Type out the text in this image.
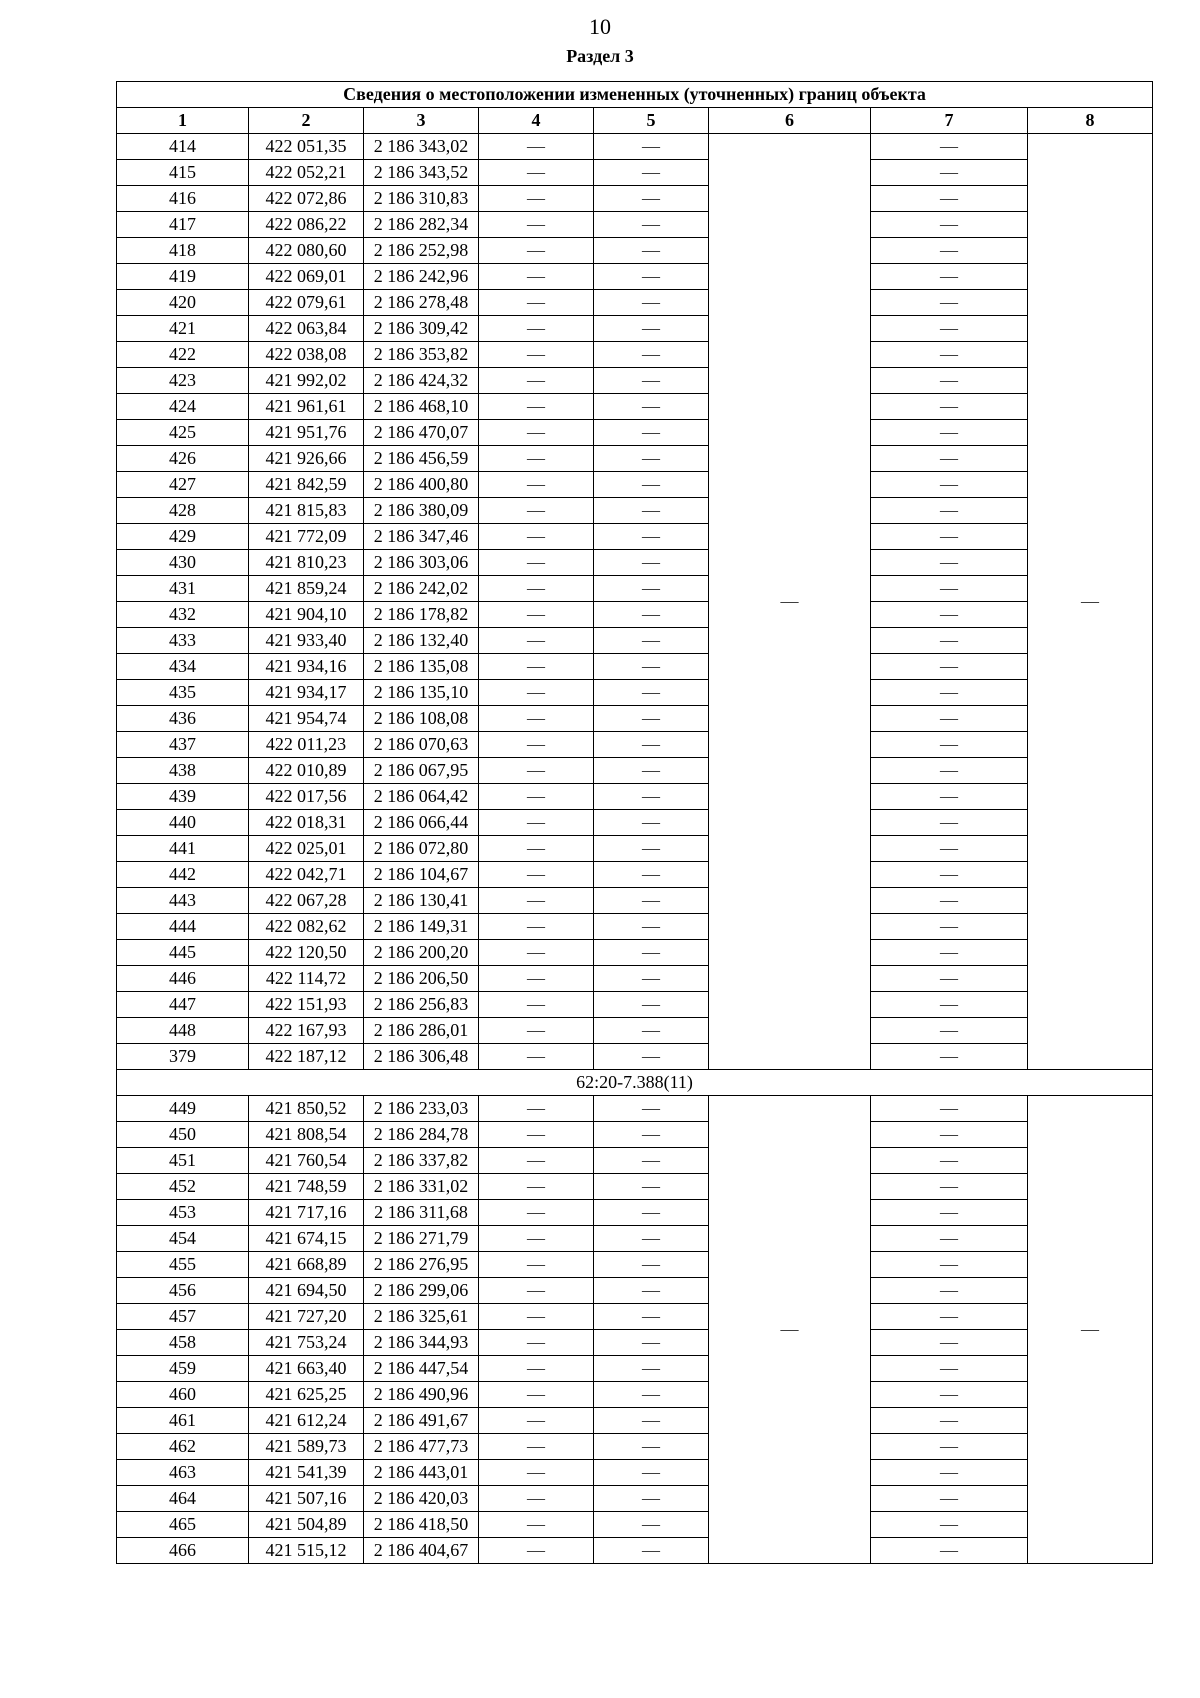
10
Раздел 3
Сведения о местоположении измененных (уточненных) границ объекта							
1	2	3	4	5	6	7	8
414	422 051,35	2 186 343,02	—	—	—	—	—
415	422 052,21	2 186 343,52	—	—		—	
416	422 072,86	2 186 310,83	—	—		—	
417	422 086,22	2 186 282,34	—	—		—	
418	422 080,60	2 186 252,98	—	—		—	
419	422 069,01	2 186 242,96	—	—		—	
420	422 079,61	2 186 278,48	—	—		—	
421	422 063,84	2 186 309,42	—	—		—	
422	422 038,08	2 186 353,82	—	—		—	
423	421 992,02	2 186 424,32	—	—		—	
424	421 961,61	2 186 468,10	—	—		—	
425	421 951,76	2 186 470,07	—	—		—	
426	421 926,66	2 186 456,59	—	—		—	
427	421 842,59	2 186 400,80	—	—		—	
428	421 815,83	2 186 380,09	—	—		—	
429	421 772,09	2 186 347,46	—	—		—	
430	421 810,23	2 186 303,06	—	—		—	
431	421 859,24	2 186 242,02	—	—		—	
432	421 904,10	2 186 178,82	—	—		—	
433	421 933,40	2 186 132,40	—	—		—	
434	421 934,16	2 186 135,08	—	—		—	
435	421 934,17	2 186 135,10	—	—		—	
436	421 954,74	2 186 108,08	—	—		—	
437	422 011,23	2 186 070,63	—	—		—	
438	422 010,89	2 186 067,95	—	—		—	
439	422 017,56	2 186 064,42	—	—		—	
440	422 018,31	2 186 066,44	—	—		—	
441	422 025,01	2 186 072,80	—	—		—	
442	422 042,71	2 186 104,67	—	—		—	
443	422 067,28	2 186 130,41	—	—		—	
444	422 082,62	2 186 149,31	—	—		—	
445	422 120,50	2 186 200,20	—	—		—	
446	422 114,72	2 186 206,50	—	—		—	
447	422 151,93	2 186 256,83	—	—		—	
448	422 167,93	2 186 286,01	—	—		—	
379	422 187,12	2 186 306,48	—	—		—	
62:20-7.388(11)							
449	421 850,52	2 186 233,03	—	—	—	—	—
450	421 808,54	2 186 284,78	—	—		—	
451	421 760,54	2 186 337,82	—	—		—	
452	421 748,59	2 186 331,02	—	—		—	
453	421 717,16	2 186 311,68	—	—		—	
454	421 674,15	2 186 271,79	—	—		—	
455	421 668,89	2 186 276,95	—	—		—	
456	421 694,50	2 186 299,06	—	—		—	
457	421 727,20	2 186 325,61	—	—		—	
458	421 753,24	2 186 344,93	—	—		—	
459	421 663,40	2 186 447,54	—	—		—	
460	421 625,25	2 186 490,96	—	—		—	
461	421 612,24	2 186 491,67	—	—		—	
462	421 589,73	2 186 477,73	—	—		—	
463	421 541,39	2 186 443,01	—	—		—	
464	421 507,16	2 186 420,03	—	—		—	
465	421 504,89	2 186 418,50	—	—		—	
466	421 515,12	2 186 404,67	—	—		—	
